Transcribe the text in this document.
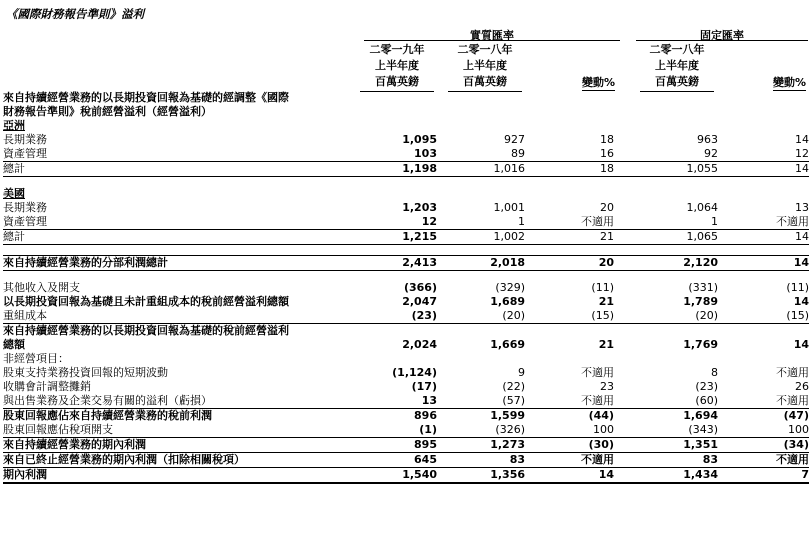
《國際財務報告準則》溢利
實質匯率	固定匯率
二零一九年
上半年度
百萬英鎊
二零一八年
上半年度
百萬英鎊	變動%
二零一八年
上半年度
百萬英鎊	變動%
來自持續經營業務的以長期投資回報為基礎的經調整《國際					
財務報告準則》稅前經營溢利（經營溢利）					
亞洲					
長期業務	1,095	927	18	963	14
資產管理	103	89	16	92	12
總計	1,198	1,016	18	1,055	14

美國					
長期業務	1,203	1,001	20	1,064	13
資產管理	12	1	不適用	1	不適用
總計	1,215	1,002	21	1,065	14

來自持續經營業務的分部利潤總計	2,413	2,018	20	2,120	14

其他收入及開支	(366)	(329)	(11)	(331)	(11)
以長期投資回報為基礎且未計重組成本的稅前經營溢利總額	2,047	1,689	21	1,789	14
重組成本	(23)	(20)	(15)	(20)	(15)
來自持續經營業務的以長期投資回報為基礎的稅前經營溢利					
總額	2,024	1,669	21	1,769	14
非經營項目：					
股東支持業務投資回報的短期波動	(1,124)	9	不適用	8	不適用
收購會計調整攤銷	(17)	(22)	23	(23)	26
與出售業務及企業交易有關的溢利（虧損）	13	(57)	不適用	(60)	不適用
股東回報應佔來自持續經營業務的稅前利潤	896	1,599	(44)	1,694	(47)
股東回報應佔稅項開支	(1)	(326)	100	(343)	100
來自持續經營業務的期內利潤	895	1,273	(30)	1,351	(34)
來自已終止經營業務的期內利潤（扣除相關稅項）	645	83	不適用	83	不適用
期內利潤	1,540	1,356	14	1,434	7
